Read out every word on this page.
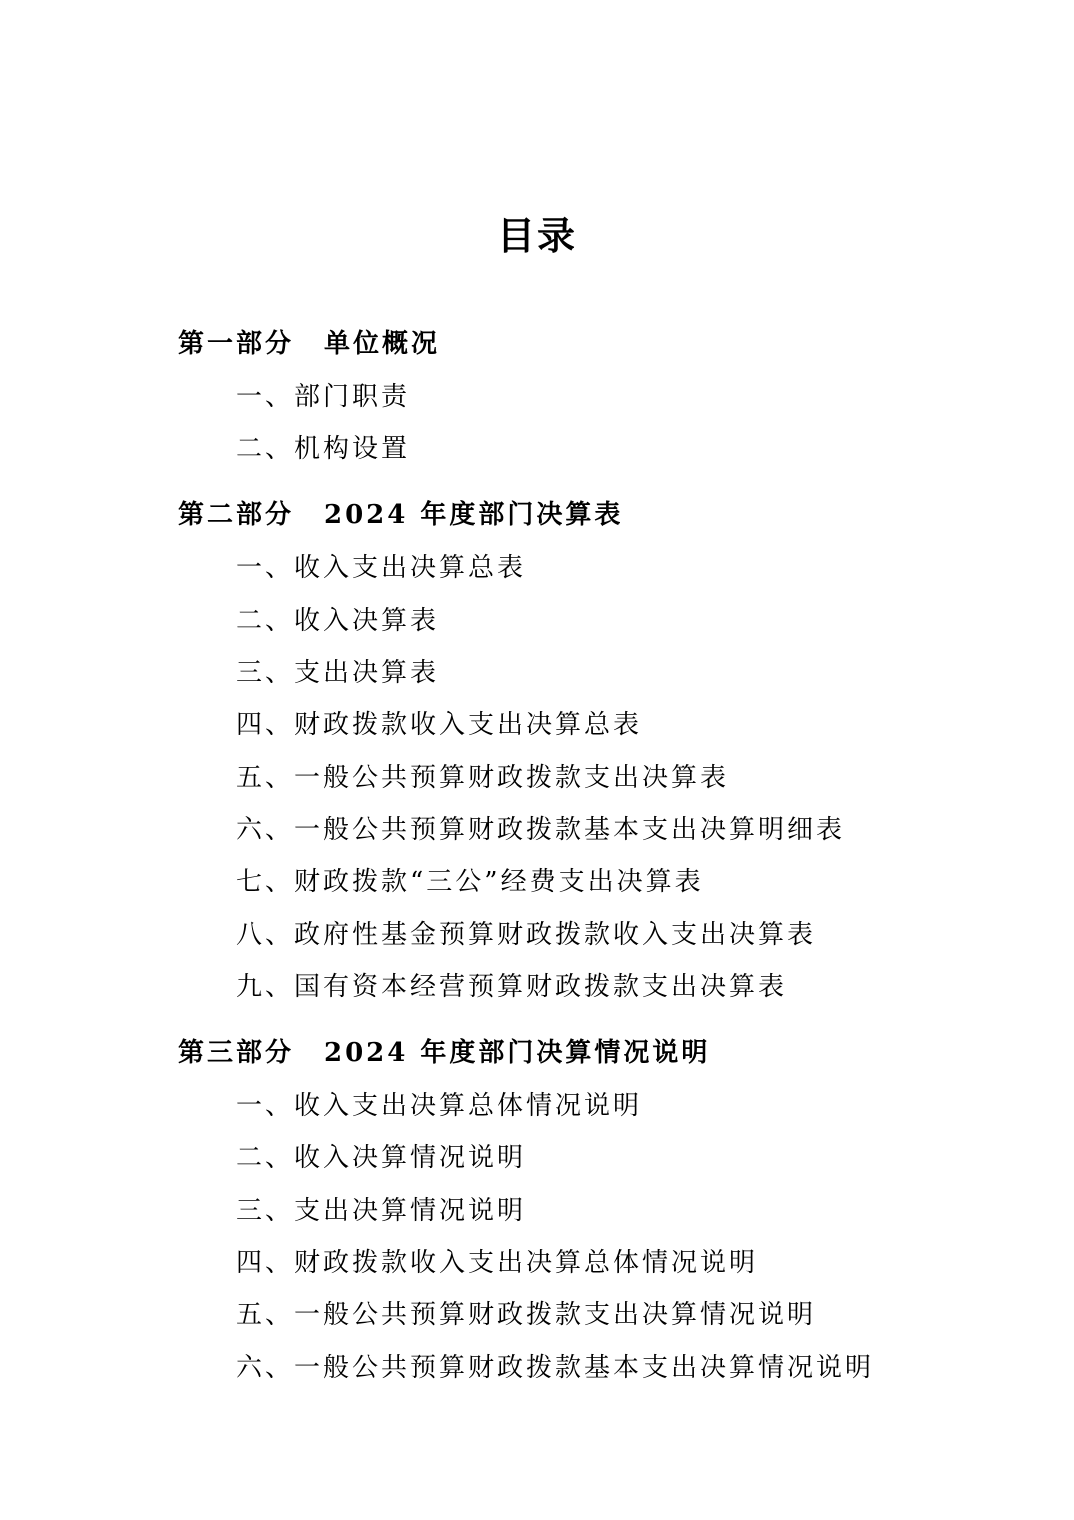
目录
第一部分 单位概况
一、部门职责
二、机构设置
第二部分 2024 年度部门决算表
一、收入支出决算总表
二、收入决算表
三、支出决算表
四、财政拨款收入支出决算总表
五、一般公共预算财政拨款支出决算表
六、一般公共预算财政拨款基本支出决算明细表
七、财政拨款“三公”经费支出决算表
八、政府性基金预算财政拨款收入支出决算表
九、国有资本经营预算财政拨款支出决算表
第三部分 2024 年度部门决算情况说明
一、收入支出决算总体情况说明
二、收入决算情况说明
三、支出决算情况说明
四、财政拨款收入支出决算总体情况说明
五、一般公共预算财政拨款支出决算情况说明
六、一般公共预算财政拨款基本支出决算情况说明
